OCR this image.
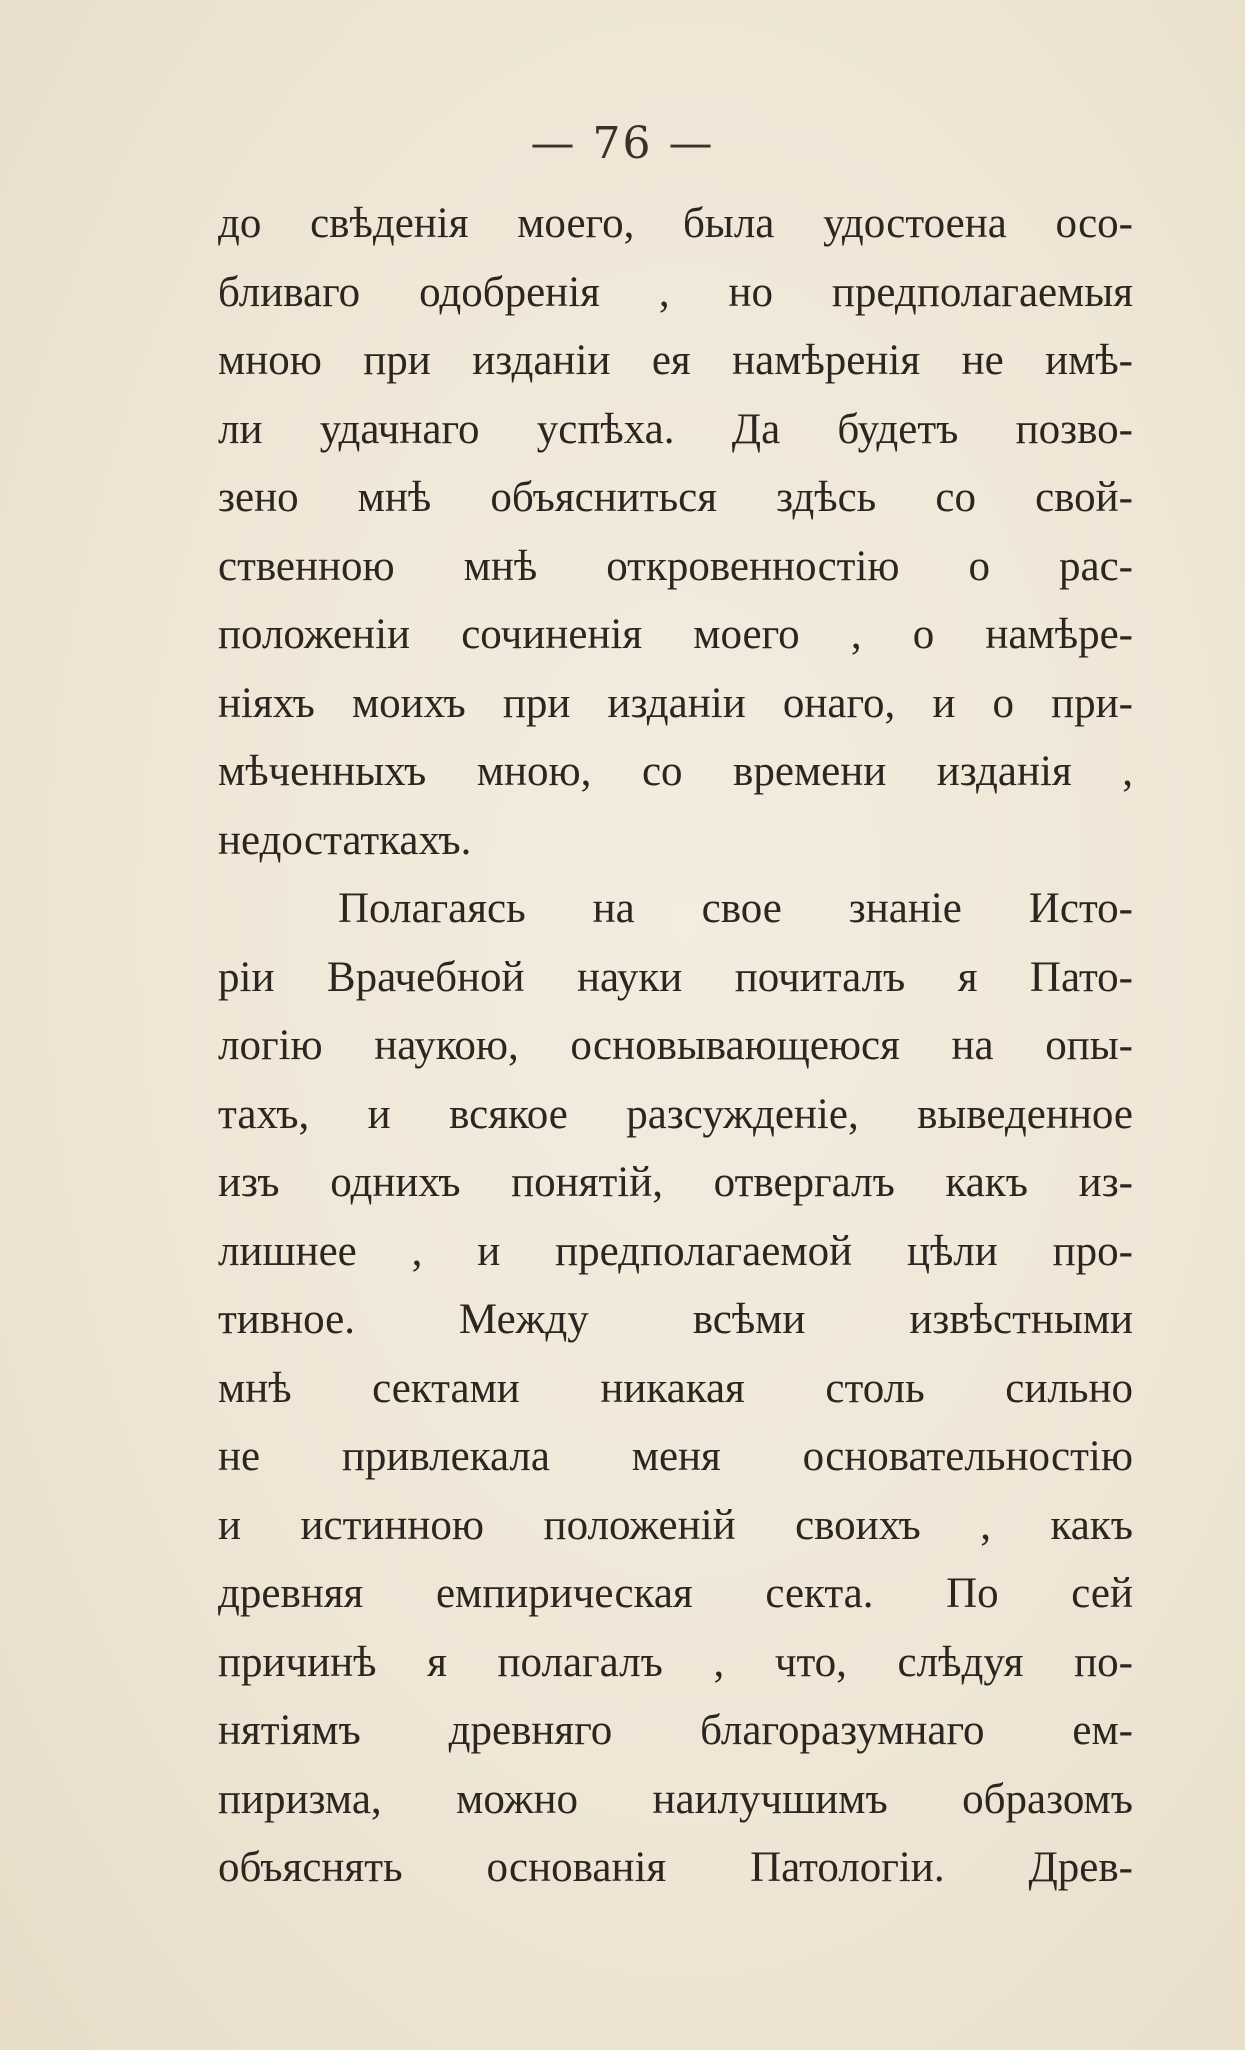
— 76 —
до свѣденія моего, была удостоена осо-
бливаго одобренія , но предполагаемыя
мною при изданіи ея намѣренія не имѣ-
ли удачнаго успѣха. Да будетъ позво-
зено мнѣ объясниться здѣсь со свой-
ственною мнѣ откровенностію о рас-
положеніи сочиненія моего , о намѣре-
ніяхъ моихъ при изданіи онаго, и о при-
мѣченныхъ мною, со времени изданія ,
недостаткахъ.
Полагаясь на свое знаніе Исто-
ріи Врачебной науки почиталъ я Пато-
логію наукою, основывающеюся на опы-
тахъ, и всякое разсужденіе, выведенное
изъ однихъ понятій, отвергалъ какъ из-
лишнее , и предполагаемой цѣли про-
тивное. Между всѣми извѣстными
мнѣ сектами никакая столь сильно
не привлекала меня основательностію
и истинною положеній своихъ , какъ
древняя емпирическая секта. По сей
причинѣ я полагалъ , что, слѣдуя по-
нятіямъ древняго благоразумнаго ем-
пиризма, можно наилучшимъ образомъ
объяснять основанія Патологіи. Древ-
